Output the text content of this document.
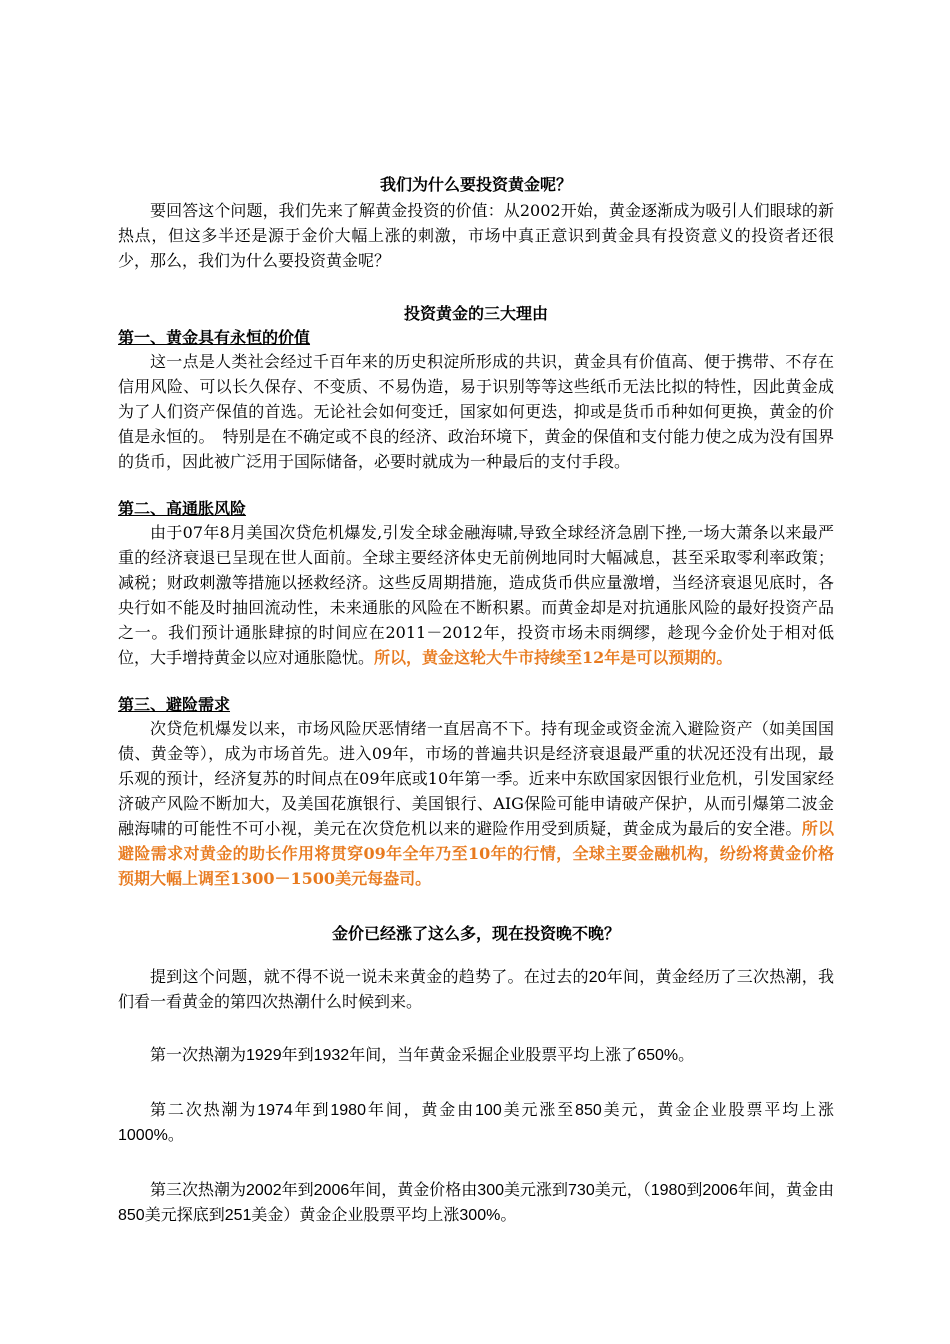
我们为什么要投资黄金呢？

要回答这个问题，我们先来了解黄金投资的价值：从2002开始，黄金逐渐成为吸引人们眼球的新热点，但这多半还是源于金价大幅上涨的刺激，市场中真正意识到黄金具有投资意义的投资者还很少，那么，我们为什么要投资黄金呢？

投资黄金的三大理由

第一、黄金具有永恒的价值

这一点是人类社会经过千百年来的历史积淀所形成的共识，黄金具有价值高、便于携带、不存在信用风险、可以长久保存、不变质、不易伪造，易于识别等等这些纸币无法比拟的特性，因此黄金成为了人们资产保值的首选。无论社会如何变迁，国家如何更迭，抑或是货币币种如何更换，黄金的价值是永恒的。　特别是在不确定或不良的经济、政治环境下，黄金的保值和支付能力使之成为没有国界的货币，因此被广泛用于国际储备，必要时就成为一种最后的支付手段。

第二、高通胀风险

由于07年8月美国次贷危机爆发,引发全球金融海啸,导致全球经济急剧下挫,一场大萧条以来最严重的经济衰退已呈现在世人面前。全球主要经济体史无前例地同时大幅减息，甚至采取零利率政策；减税；财政刺激等措施以拯救经济。这些反周期措施，造成货币供应量激增，当经济衰退见底时，各央行如不能及时抽回流动性，未来通胀的风险在不断积累。而黄金却是对抗通胀风险的最好投资产品之一。我们预计通胀肆掠的时间应在2011－2012年，投资市场未雨绸缪，趁现今金价处于相对低位，大手增持黄金以应对通胀隐忧。所以，黄金这轮大牛市持续至12年是可以预期的。

第三、避险需求

次贷危机爆发以来，市场风险厌恶情绪一直居高不下。持有现金或资金流入避险资产（如美国国债、黄金等），成为市场首先。进入09年，市场的普遍共识是经济衰退最严重的状况还没有出现，最乐观的预计，经济复苏的时间点在09年底或10年第一季。近来中东欧国家因银行业危机，引发国家经济破产风险不断加大，及美国花旗银行、美国银行、AIG保险可能申请破产保护，从而引爆第二波金融海啸的可能性不可小视，美元在次贷危机以来的避险作用受到质疑，黄金成为最后的安全港。所以避险需求对黄金的助长作用将贯穿09年全年乃至10年的行情，全球主要金融机构，纷纷将黄金价格预期大幅上调至1300－1500美元每盎司。

金价已经涨了这么多，现在投资晚不晚？

提到这个问题，就不得不说一说未来黄金的趋势了。在过去的20年间，黄金经历了三次热潮，我们看一看黄金的第四次热潮什么时候到来。

第一次热潮为1929年到1932年间，当年黄金采掘企业股票平均上涨了650%。

第二次热潮为1974年到1980年间，黄金由100美元涨至850美元，黄金企业股票平均上涨1000%。

第三次热潮为2002年到2006年间，黄金价格由300美元涨到730美元，（1980到2006年间，黄金由850美元探底到251美金）黄金企业股票平均上涨300%。
